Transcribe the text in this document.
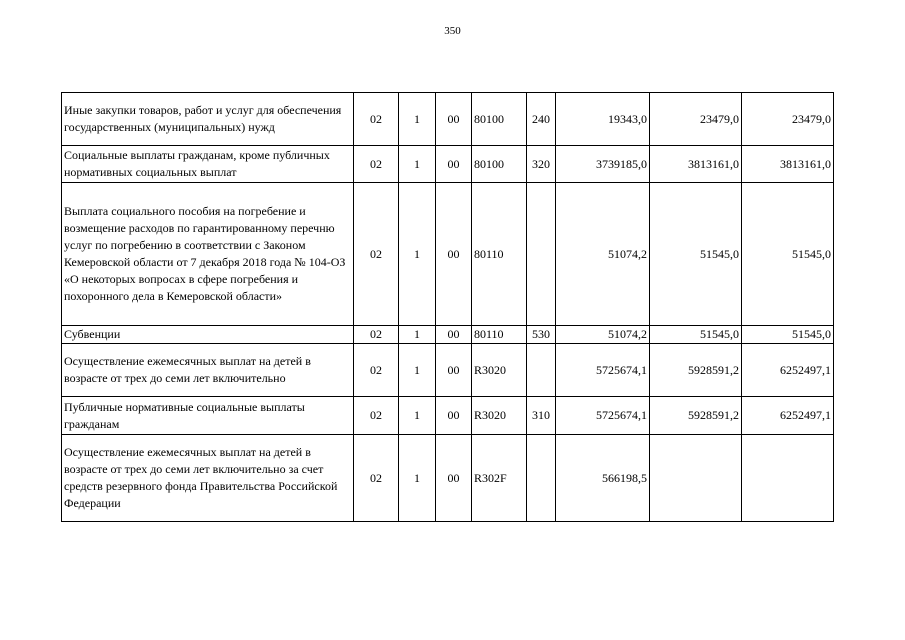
350
Иные закупки товаров, работ и услуг для обеспечения государственных (муниципальных) нужд	02	1	00	80100	240	19343,0	23479,0	23479,0
Социальные выплаты гражданам, кроме публичных нормативных социальных выплат	02	1	00	80100	320	3739185,0	3813161,0	3813161,0
Выплата социального пособия на погребение и возмещение расходов по гарантированному перечню услуг по погребению в соответствии с Законом Кемеровской области от 7 декабря 2018 года № 104-ОЗ «О некоторых вопросах в сфере погребения и похоронного дела в Кемеровской области»	02	1	00	80110		51074,2	51545,0	51545,0
Субвенции	02	1	00	80110	530	51074,2	51545,0	51545,0
Осуществление ежемесячных выплат на детей в возрасте от трех до семи лет включительно	02	1	00	R3020		5725674,1	5928591,2	6252497,1
Публичные нормативные социальные выплаты гражданам	02	1	00	R3020	310	5725674,1	5928591,2	6252497,1
Осуществление ежемесячных выплат на детей в возрасте от трех до семи лет включительно за счет средств резервного фонда Правительства Российской Федерации	02	1	00	R302F		566198,5		
